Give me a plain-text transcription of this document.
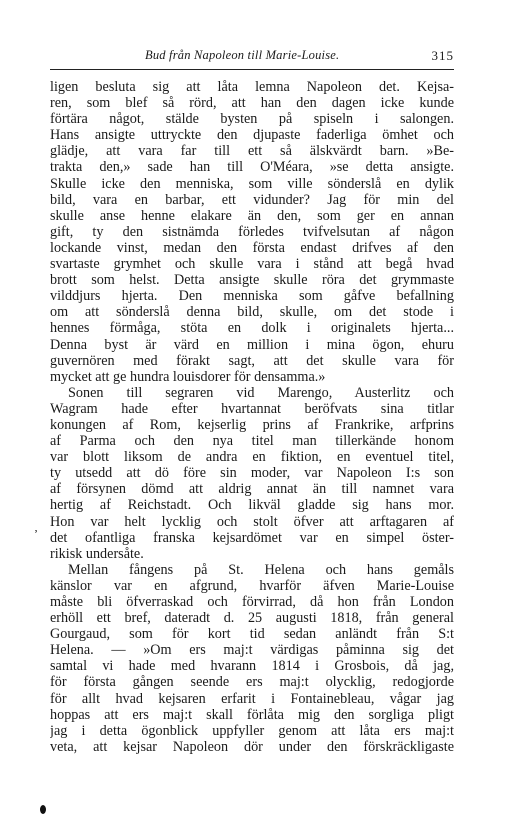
Bud från Napoleon till Marie-Louise.	315
ligen besluta sig att låta lemna Napoleon det. Kejsa-
ren, som blef så rörd, att han den dagen icke kunde
förtära något, stälde bysten på spiseln i salongen.
Hans ansigte uttryckte den djupaste faderliga ömhet och
glädje, att vara far till ett så älskvärdt barn. »Be-
trakta den,» sade han till O'Méara, »se detta ansigte.
Skulle icke den menniska, som ville sönderslå en dylik
bild, vara en barbar, ett vidunder? Jag för min del
skulle anse henne elakare än den, som ger en annan
gift, ty den sistnämda förledes tvifvelsutan af någon
lockande vinst, medan den första endast drifves af den
svartaste grymhet och skulle vara i stånd att begå hvad
brott som helst. Detta ansigte skulle röra det grymmaste
vilddjurs hjerta. Den menniska som gåfve befallning
om att sönderslå denna bild, skulle, om det stode i
hennes förmåga, stöta en dolk i originalets hjerta...
Denna byst är värd en million i mina ögon, ehuru
guvernören med förakt sagt, att det skulle vara för
mycket att ge hundra louisdorer för densamma.»
Sonen till segraren vid Marengo, Austerlitz och
Wagram hade efter hvartannat beröfvats sina titlar
konungen af Rom, kejserlig prins af Frankrike, arfprins
af Parma och den nya titel man tillerkände honom
var blott liksom de andra en fiktion, en eventuel titel,
ty utsedd att dö före sin moder, var Napoleon I:s son
af försynen dömd att aldrig annat än till namnet vara
hertig af Reichstadt. Och likväl gladde sig hans mor.
Hon var helt lycklig och stolt öfver att arftagaren af
det ofantliga franska kejsardömet var en simpel öster-
rikisk undersåte.
Mellan fångens på St. Helena och hans gemåls
känslor var en afgrund, hvarför äfven Marie-Louise
måste bli öfverraskad och förvirrad, då hon från London
erhöll ett bref, dateradt d. 25 augusti 1818, från general
Gourgaud, som för kort tid sedan anländt från S:t
Helena. — »Om ers maj:t värdigas påminna sig det
samtal vi hade med hvarann 1814 i Grosbois, då jag,
för första gången seende ers maj:t olycklig, redogjorde
för allt hvad kejsaren erfarit i Fontainebleau, vågar jag
hoppas att ers maj:t skall förlåta mig den sorgliga pligt
jag i detta ögonblick uppfyller genom att låta ers maj:t
veta, att kejsar Napoleon dör under den förskräckligaste
‚
